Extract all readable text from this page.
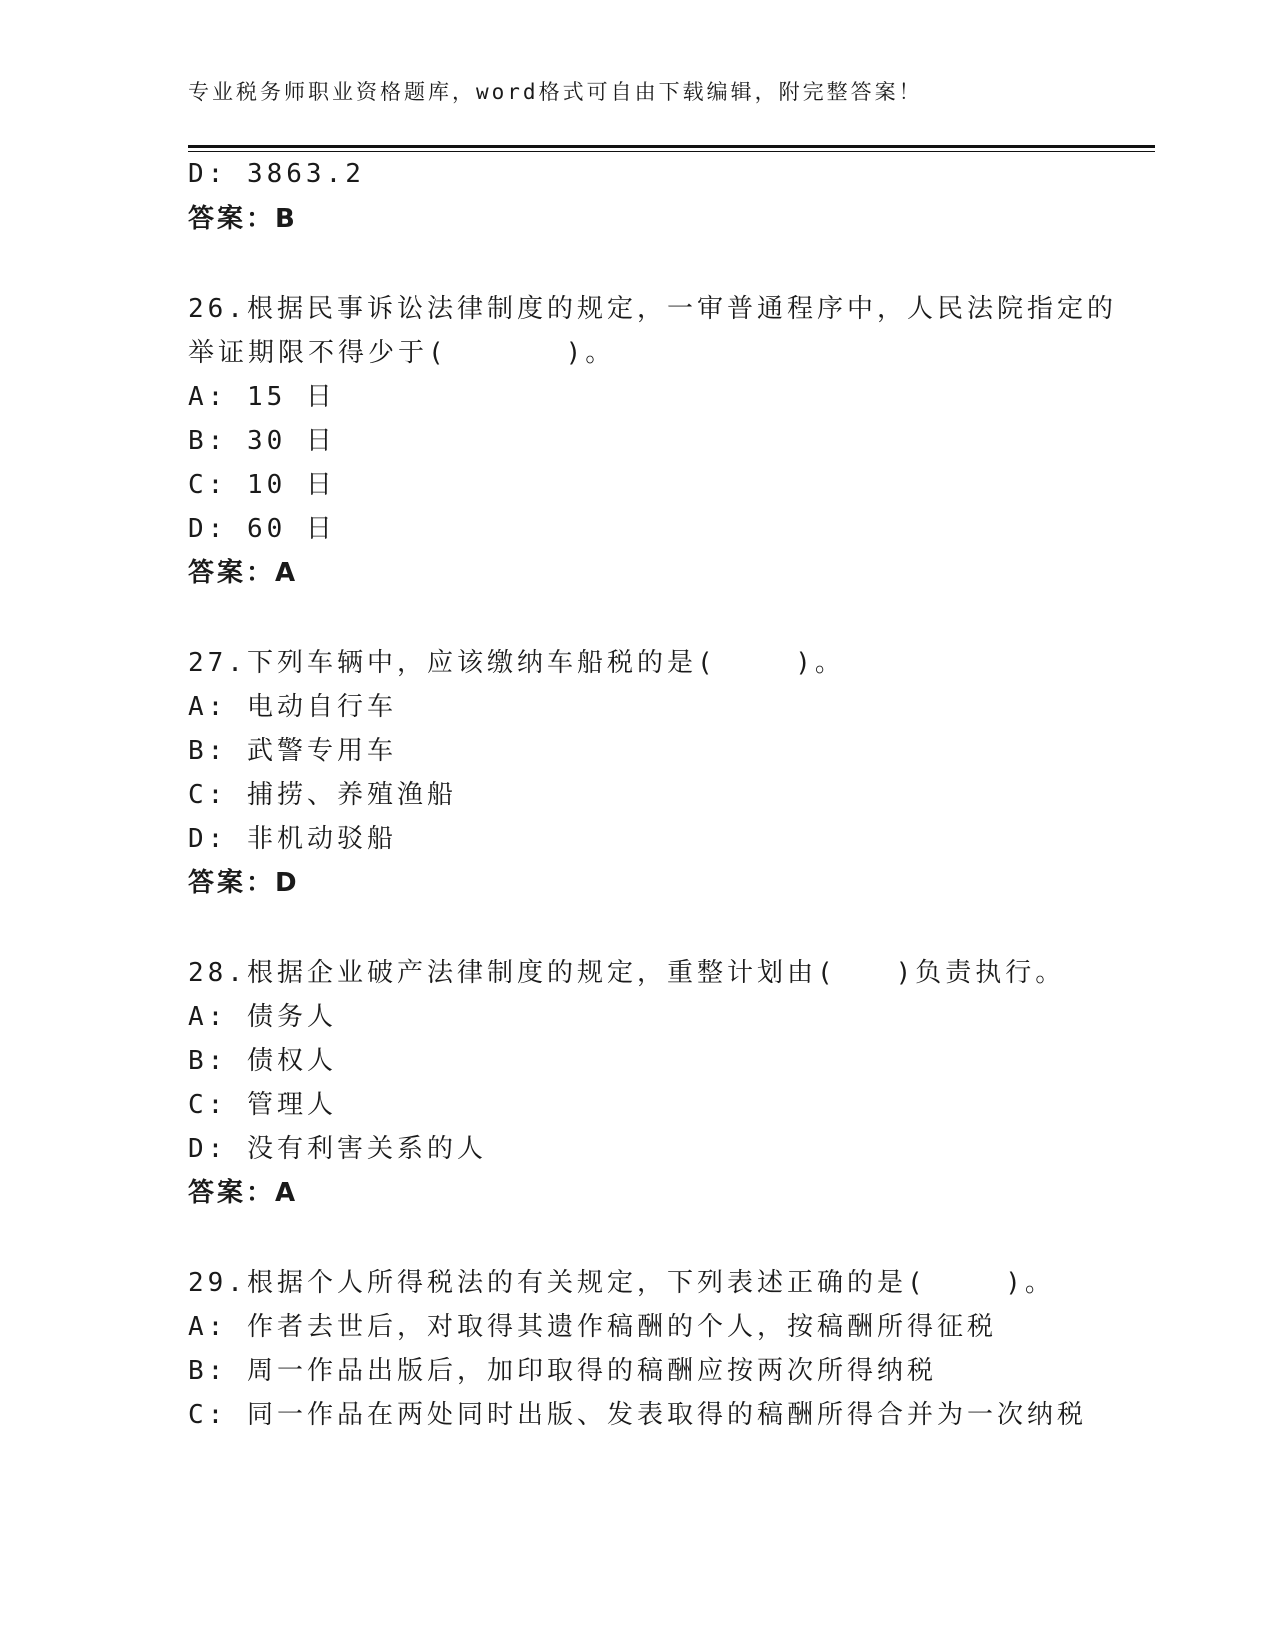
专业税务师职业资格题库，word格式可自由下载编辑，附完整答案！
D: 3863.2
答案：B
26.根据民事诉讼法律制度的规定，一审普通程序中，人民法院指定的
举证期限不得少于(      )。
A: 15 日
B: 30 日
C: 10 日
D: 60 日
答案：A
27.下列车辆中，应该缴纳车船税的是(    )。
A: 电动自行车
B: 武警专用车
C: 捕捞、养殖渔船
D: 非机动驳船
答案：D
28.根据企业破产法律制度的规定，重整计划由(   )负责执行。
A: 债务人
B: 债权人
C: 管理人
D: 没有利害关系的人
答案：A
29.根据个人所得税法的有关规定，下列表述正确的是(    )。
A: 作者去世后，对取得其遗作稿酬的个人，按稿酬所得征税
B: 周一作品出版后，加印取得的稿酬应按两次所得纳税
C: 同一作品在两处同时出版、发表取得的稿酬所得合并为一次纳税
